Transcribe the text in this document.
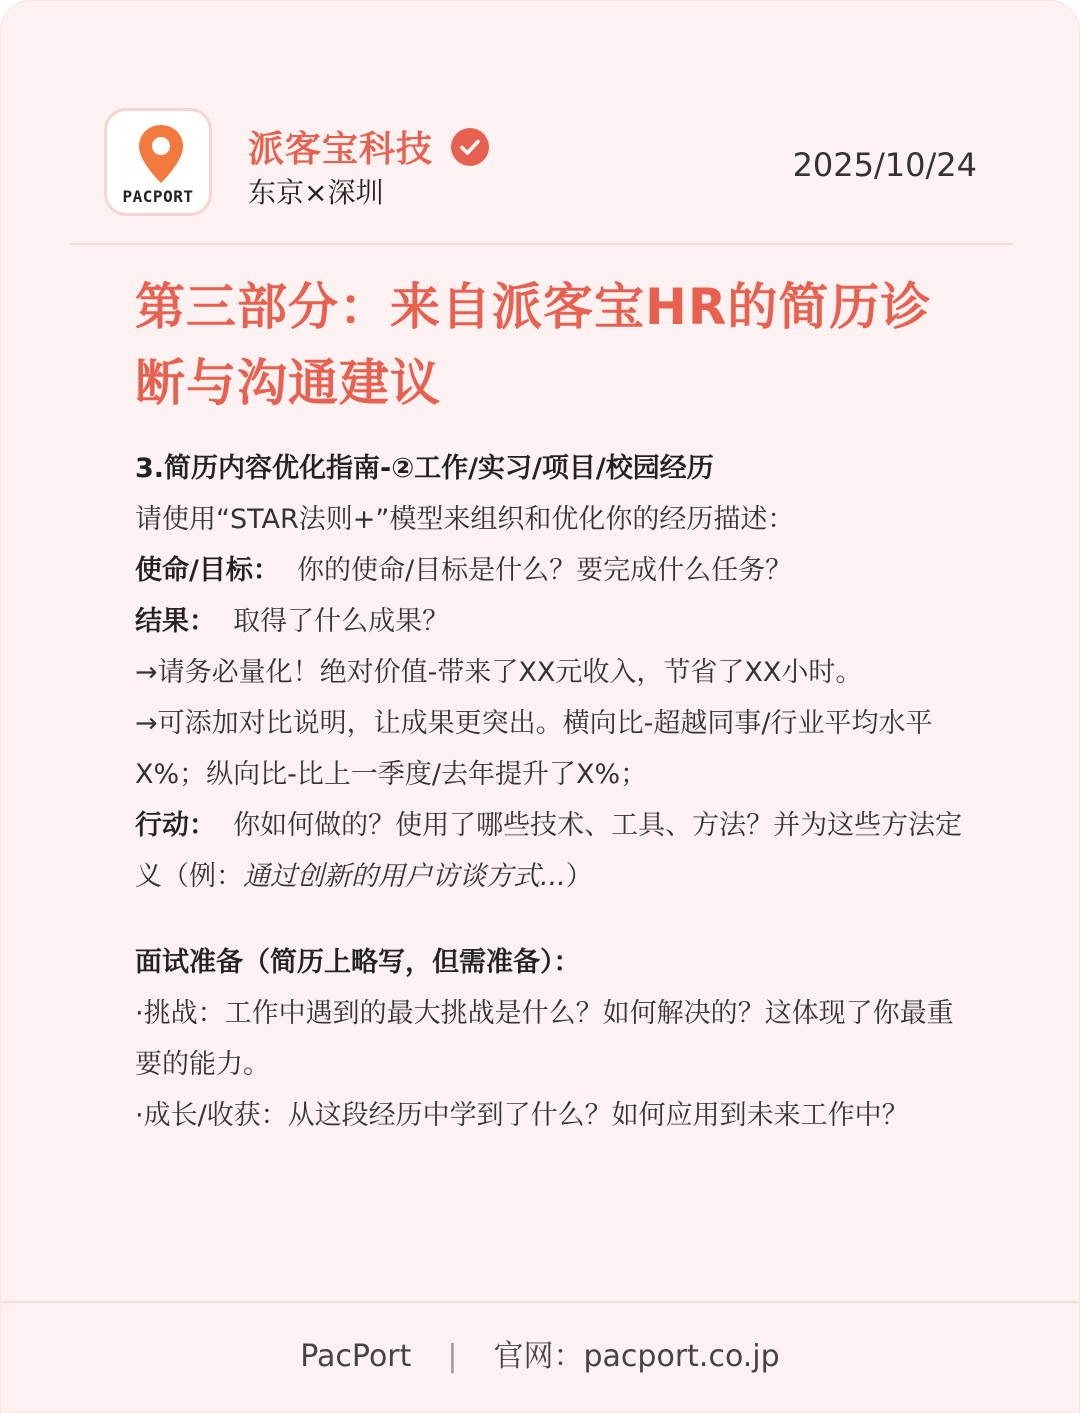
PACPORT
派客宝科技
东京×深圳
2025/10/24
第三部分：来自派客宝HR的简历诊断与沟通建议

3.简历内容优化指南-②工作/实习/项目/校园经历

请使用“STAR法则+”模型来组织和优化你的经历描述：

使命/目标： 你的使命/目标是什么？要完成什么任务？

结果： 取得了什么成果？

→请务必量化！绝对价值-带来了XX元收入，节省了XX小时。

→可添加对比说明，让成果更突出。横向比-超越同事/行业平均水平X%；纵向比-比上一季度/去年提升了X%；

行动： 你如何做的？使用了哪些技术、工具、方法？并为这些方法定义（例：通过创新的用户访谈方式...）

面试准备（简历上略写，但需准备）：

·挑战：工作中遇到的最大挑战是什么？如何解决的？这体现了你最重要的能力。

·成长/收获：从这段经历中学到了什么？如何应用到未来工作中？

PacPort | 官网：pacport.co.jp
